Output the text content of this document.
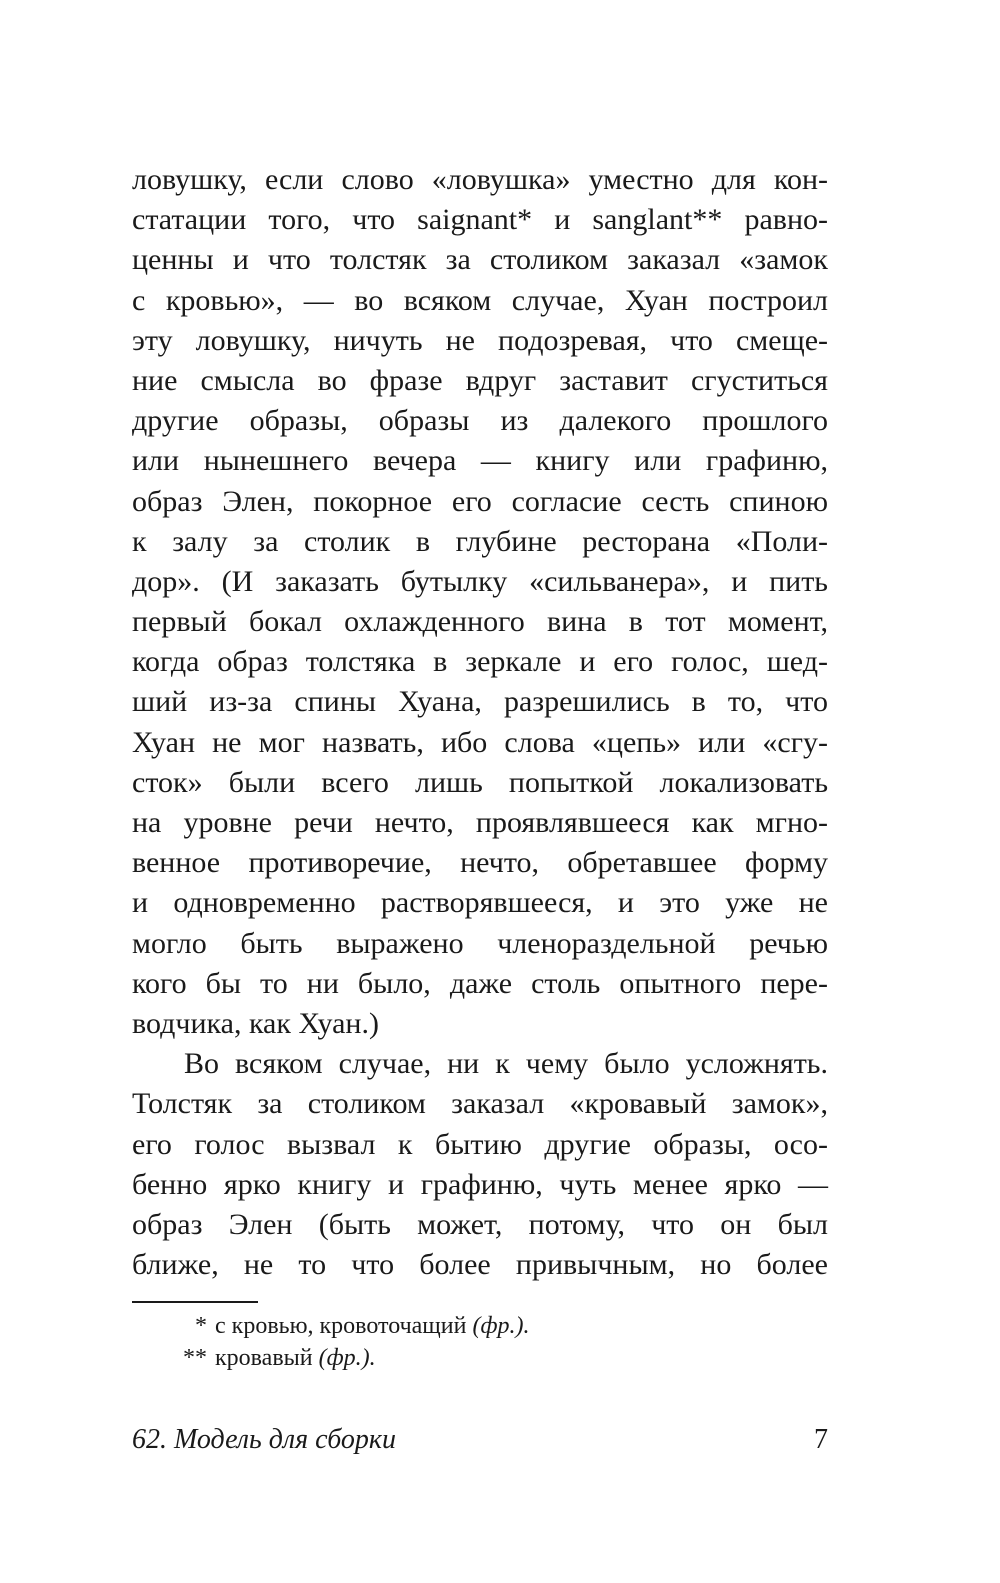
ловушку, если слово «ловушка» уместно для кон-
статации того, что saignant* и sanglant** равно-
ценны и что толстяк за столиком заказал «замок
с кровью», — во всяком случае, Хуан построил
эту ловушку, ничуть не подозревая, что смеще-
ние смысла во фразе вдруг заставит сгуститься
другие образы, образы из далекого прошлого
или нынешнего вечера — книгу или графиню,
образ Элен, покорное его согласие сесть спиною
к залу за столик в глубине ресторана «Поли-
дор». (И заказать бутылку «сильванера», и пить
первый бокал охлажденного вина в тот момент,
когда образ толстяка в зеркале и его голос, шед-
ший из-за спины Хуана, разрешились в то, что
Хуан не мог назвать, ибо слова «цепь» или «сгу-
сток» были всего лишь попыткой локализовать
на уровне речи нечто, проявлявшееся как мгно-
венное противоречие, нечто, обретавшее форму
и одновременно растворявшееся, и это уже не
могло быть выражено членораздельной речью
кого бы то ни было, даже столь опытного пере-
водчика, как Хуан.)
Во всяком случае, ни к чему было усложнять.
Толстяк за столиком заказал «кровавый замок»,
его голос вызвал к бытию другие образы, осо-
бенно ярко книгу и графиню, чуть менее ярко —
образ Элен (быть может, потому, что он был
ближе, не то что более привычным, но более
* с кровью, кровоточащий (фр.).
** кровавый (фр.).
62. Модель для сборки	7
